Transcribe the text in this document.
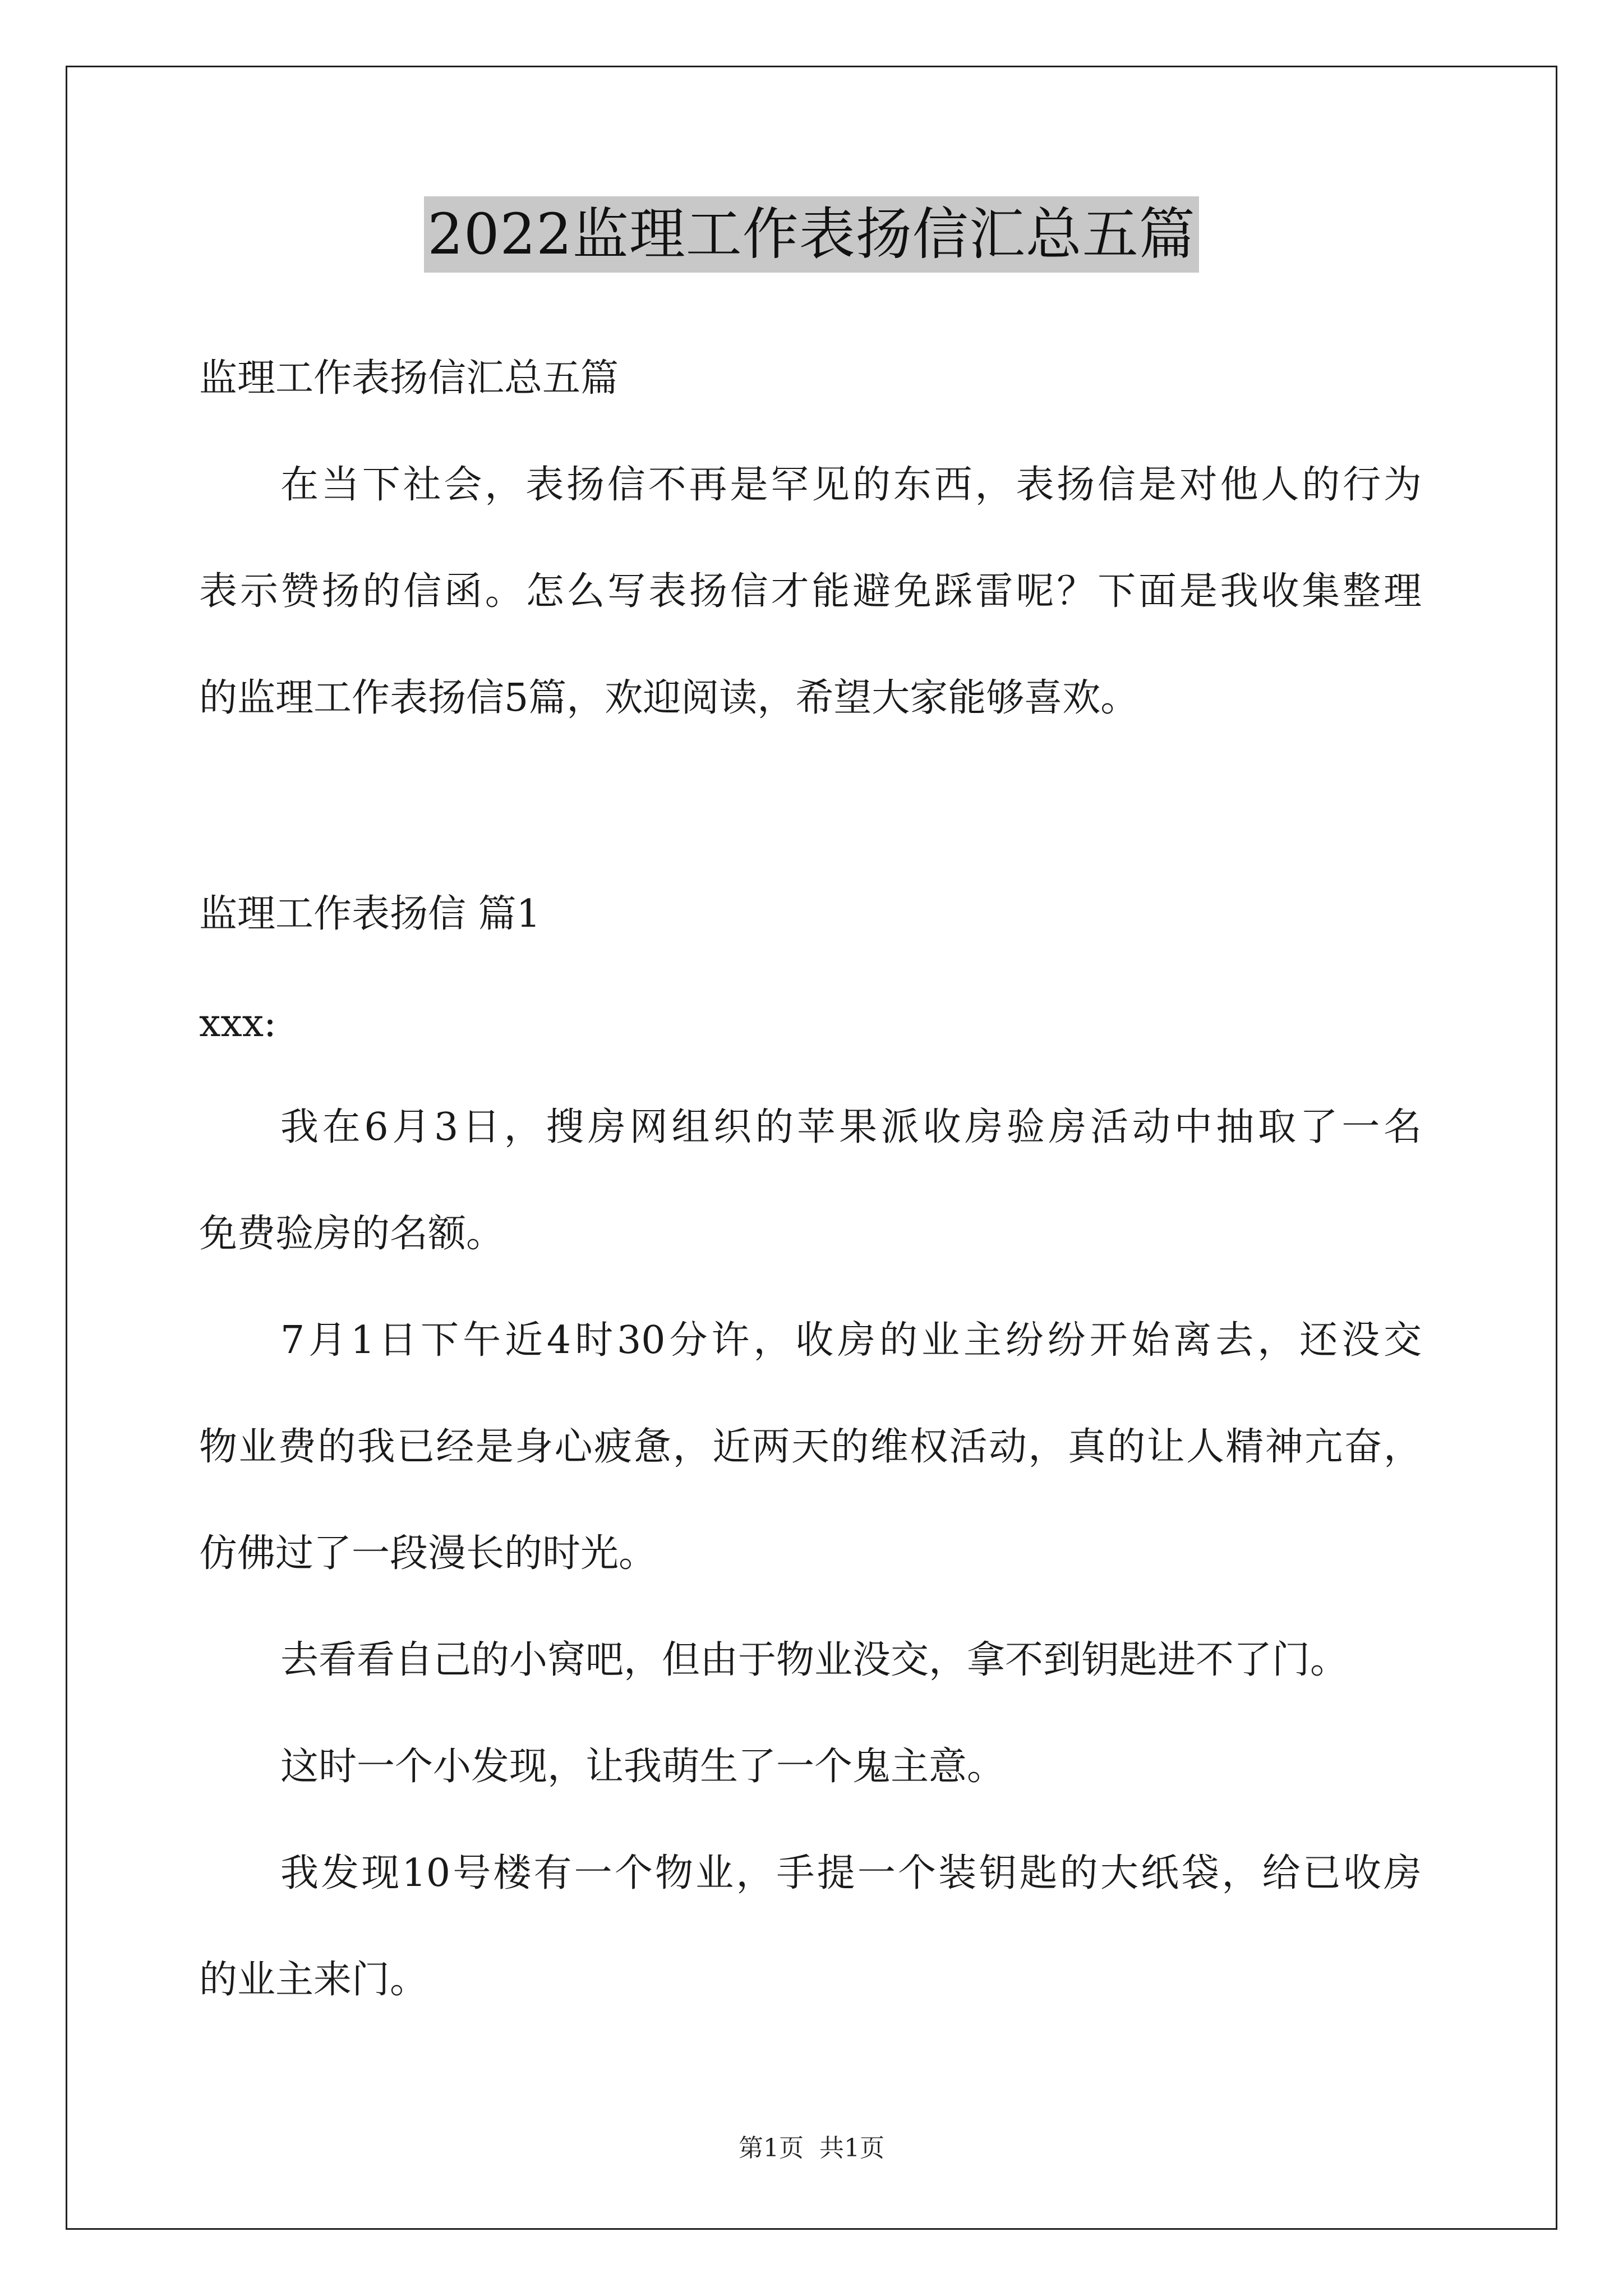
2022监理工作表扬信汇总五篇
监理工作表扬信汇总五篇
在当下社会，表扬信不再是罕见的东西，表扬信是对他人的行为
表示赞扬的信函。怎么写表扬信才能避免踩雷呢？下面是我收集整理
的监理工作表扬信5篇，欢迎阅读，希望大家能够喜欢。
监理工作表扬信 篇1
xxx:
我在6月3日，搜房网组织的苹果派收房验房活动中抽取了一名
免费验房的名额。
7月1日下午近4时30分许，收房的业主纷纷开始离去，还没交
物业费的我已经是身心疲惫，近两天的维权活动，真的让人精神亢奋，
仿佛过了一段漫长的时光。
去看看自己的小窝吧，但由于物业没交，拿不到钥匙进不了门。
这时一个小发现，让我萌生了一个鬼主意。
我发现10号楼有一个物业，手提一个装钥匙的大纸袋，给已收房
的业主来门。
第1页 共1页
